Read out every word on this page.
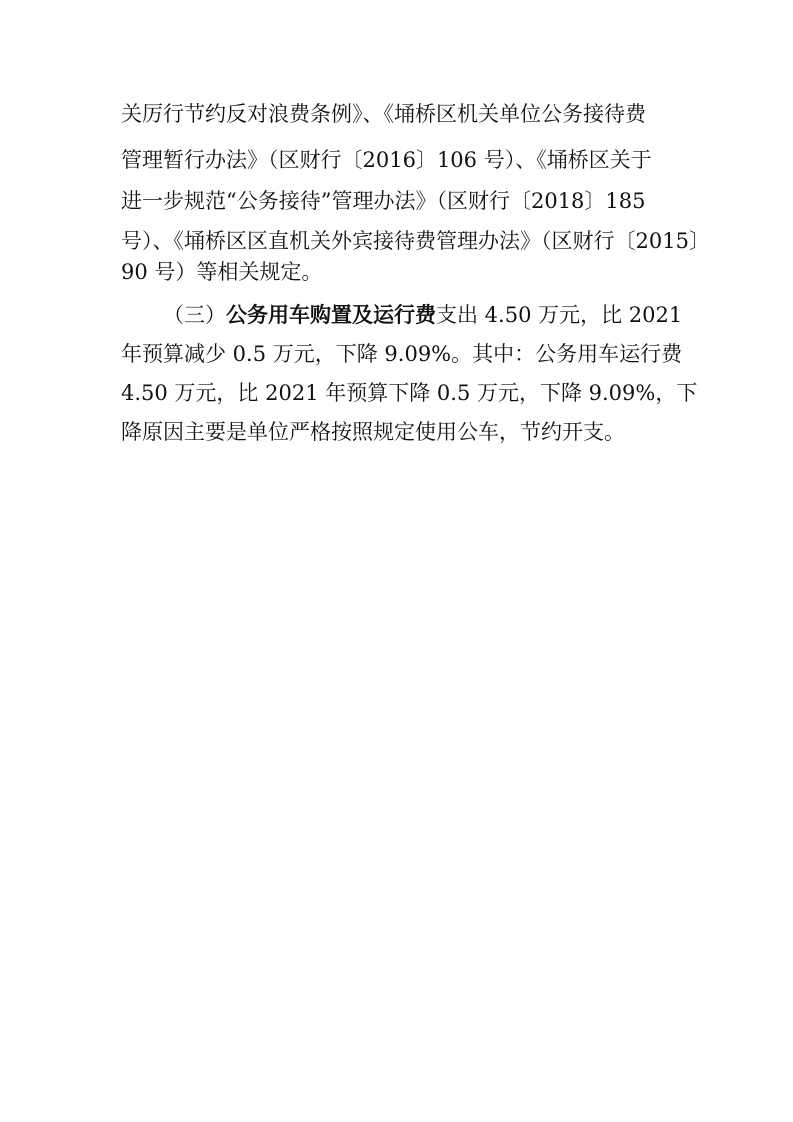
关厉行节约反对浪费条例》、《埇桥区机关单位公务接待费
管理暂行办法》（区财行〔2016〕106 号）、《埇桥区关于
进一步规范“公务接待”管理办法》（区财行〔2018〕185
号）、《埇桥区区直机关外宾接待费管理办法》（区财行〔2015〕
90 号）等相关规定。
（三）公务用车购置及运行费支出 4.50 万元，比 2021
年预算减少 0.5 万元，下降 9.09%。其中：公务用车运行费
4.50 万元，比 2021 年预算下降 0.5 万元，下降 9.09%，下
降原因主要是单位严格按照规定使用公车，节约开支。
